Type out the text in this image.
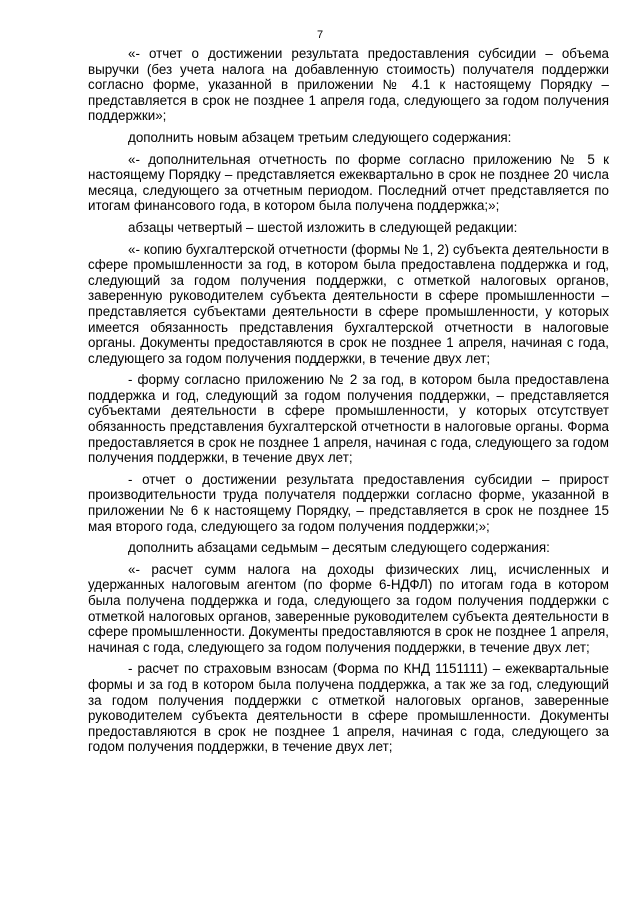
7

«- отчет о достижении результата предоставления субсидии – объема выручки (без учета налога на добавленную стоимость) получателя поддержки согласно форме, указанной в приложении № 4.1 к настоящему Порядку – представляется в срок не позднее 1 апреля года, следующего за годом получения поддержки»;

дополнить новым абзацем третьим следующего содержания:

«- дополнительная отчетность по форме согласно приложению № 5 к настоящему Порядку – представляется ежеквартально в срок не позднее 20 числа месяца, следующего за отчетным периодом. Последний отчет представляется по итогам финансового года, в котором была получена поддержка;»;

абзацы четвертый – шестой изложить в следующей редакции:

«- копию бухгалтерской отчетности (формы № 1, 2) субъекта деятельности в сфере промышленности за год, в котором была предоставлена поддержка и год, следующий за годом получения поддержки, с отметкой налоговых органов, заверенную руководителем субъекта деятельности в сфере промышленности – представляется субъектами деятельности в сфере промышленности, у которых имеется обязанность представления бухгалтерской отчетности в налоговые органы. Документы предоставляются в срок не позднее 1 апреля, начиная с года, следующего за годом получения поддержки, в течение двух лет;

- форму согласно приложению № 2 за год, в котором была предоставлена поддержка и год, следующий за годом получения поддержки, – представляется субъектами деятельности в сфере промышленности, у которых отсутствует обязанность представления бухгалтерской отчетности в налоговые органы. Форма предоставляется в срок не позднее 1 апреля, начиная с года, следующего за годом получения поддержки, в течение двух лет;

- отчет о достижении результата предоставления субсидии – прирост производительности труда получателя поддержки согласно форме, указанной в приложении № 6 к настоящему Порядку, – представляется в срок не позднее 15 мая второго года, следующего за годом получения поддержки;»;

дополнить абзацами седьмым – десятым следующего содержания:

«- расчет сумм налога на доходы физических лиц, исчисленных и удержанных налоговым агентом (по форме 6-НДФЛ) по итогам года в котором была получена поддержка и года, следующего за годом получения поддержки с отметкой налоговых органов, заверенные руководителем субъекта деятельности в сфере промышленности. Документы предоставляются в срок не позднее 1 апреля, начиная с года, следующего за годом получения поддержки, в течение двух лет;

- расчет по страховым взносам (Форма по КНД 1151111) – ежеквартальные формы и за год в котором была получена поддержка, а так же за год, следующий за годом получения поддержки с отметкой налоговых органов, заверенные руководителем субъекта деятельности в сфере промышленности. Документы предоставляются в срок не позднее 1 апреля, начиная с года, следующего за годом получения поддержки, в течение двух лет;
